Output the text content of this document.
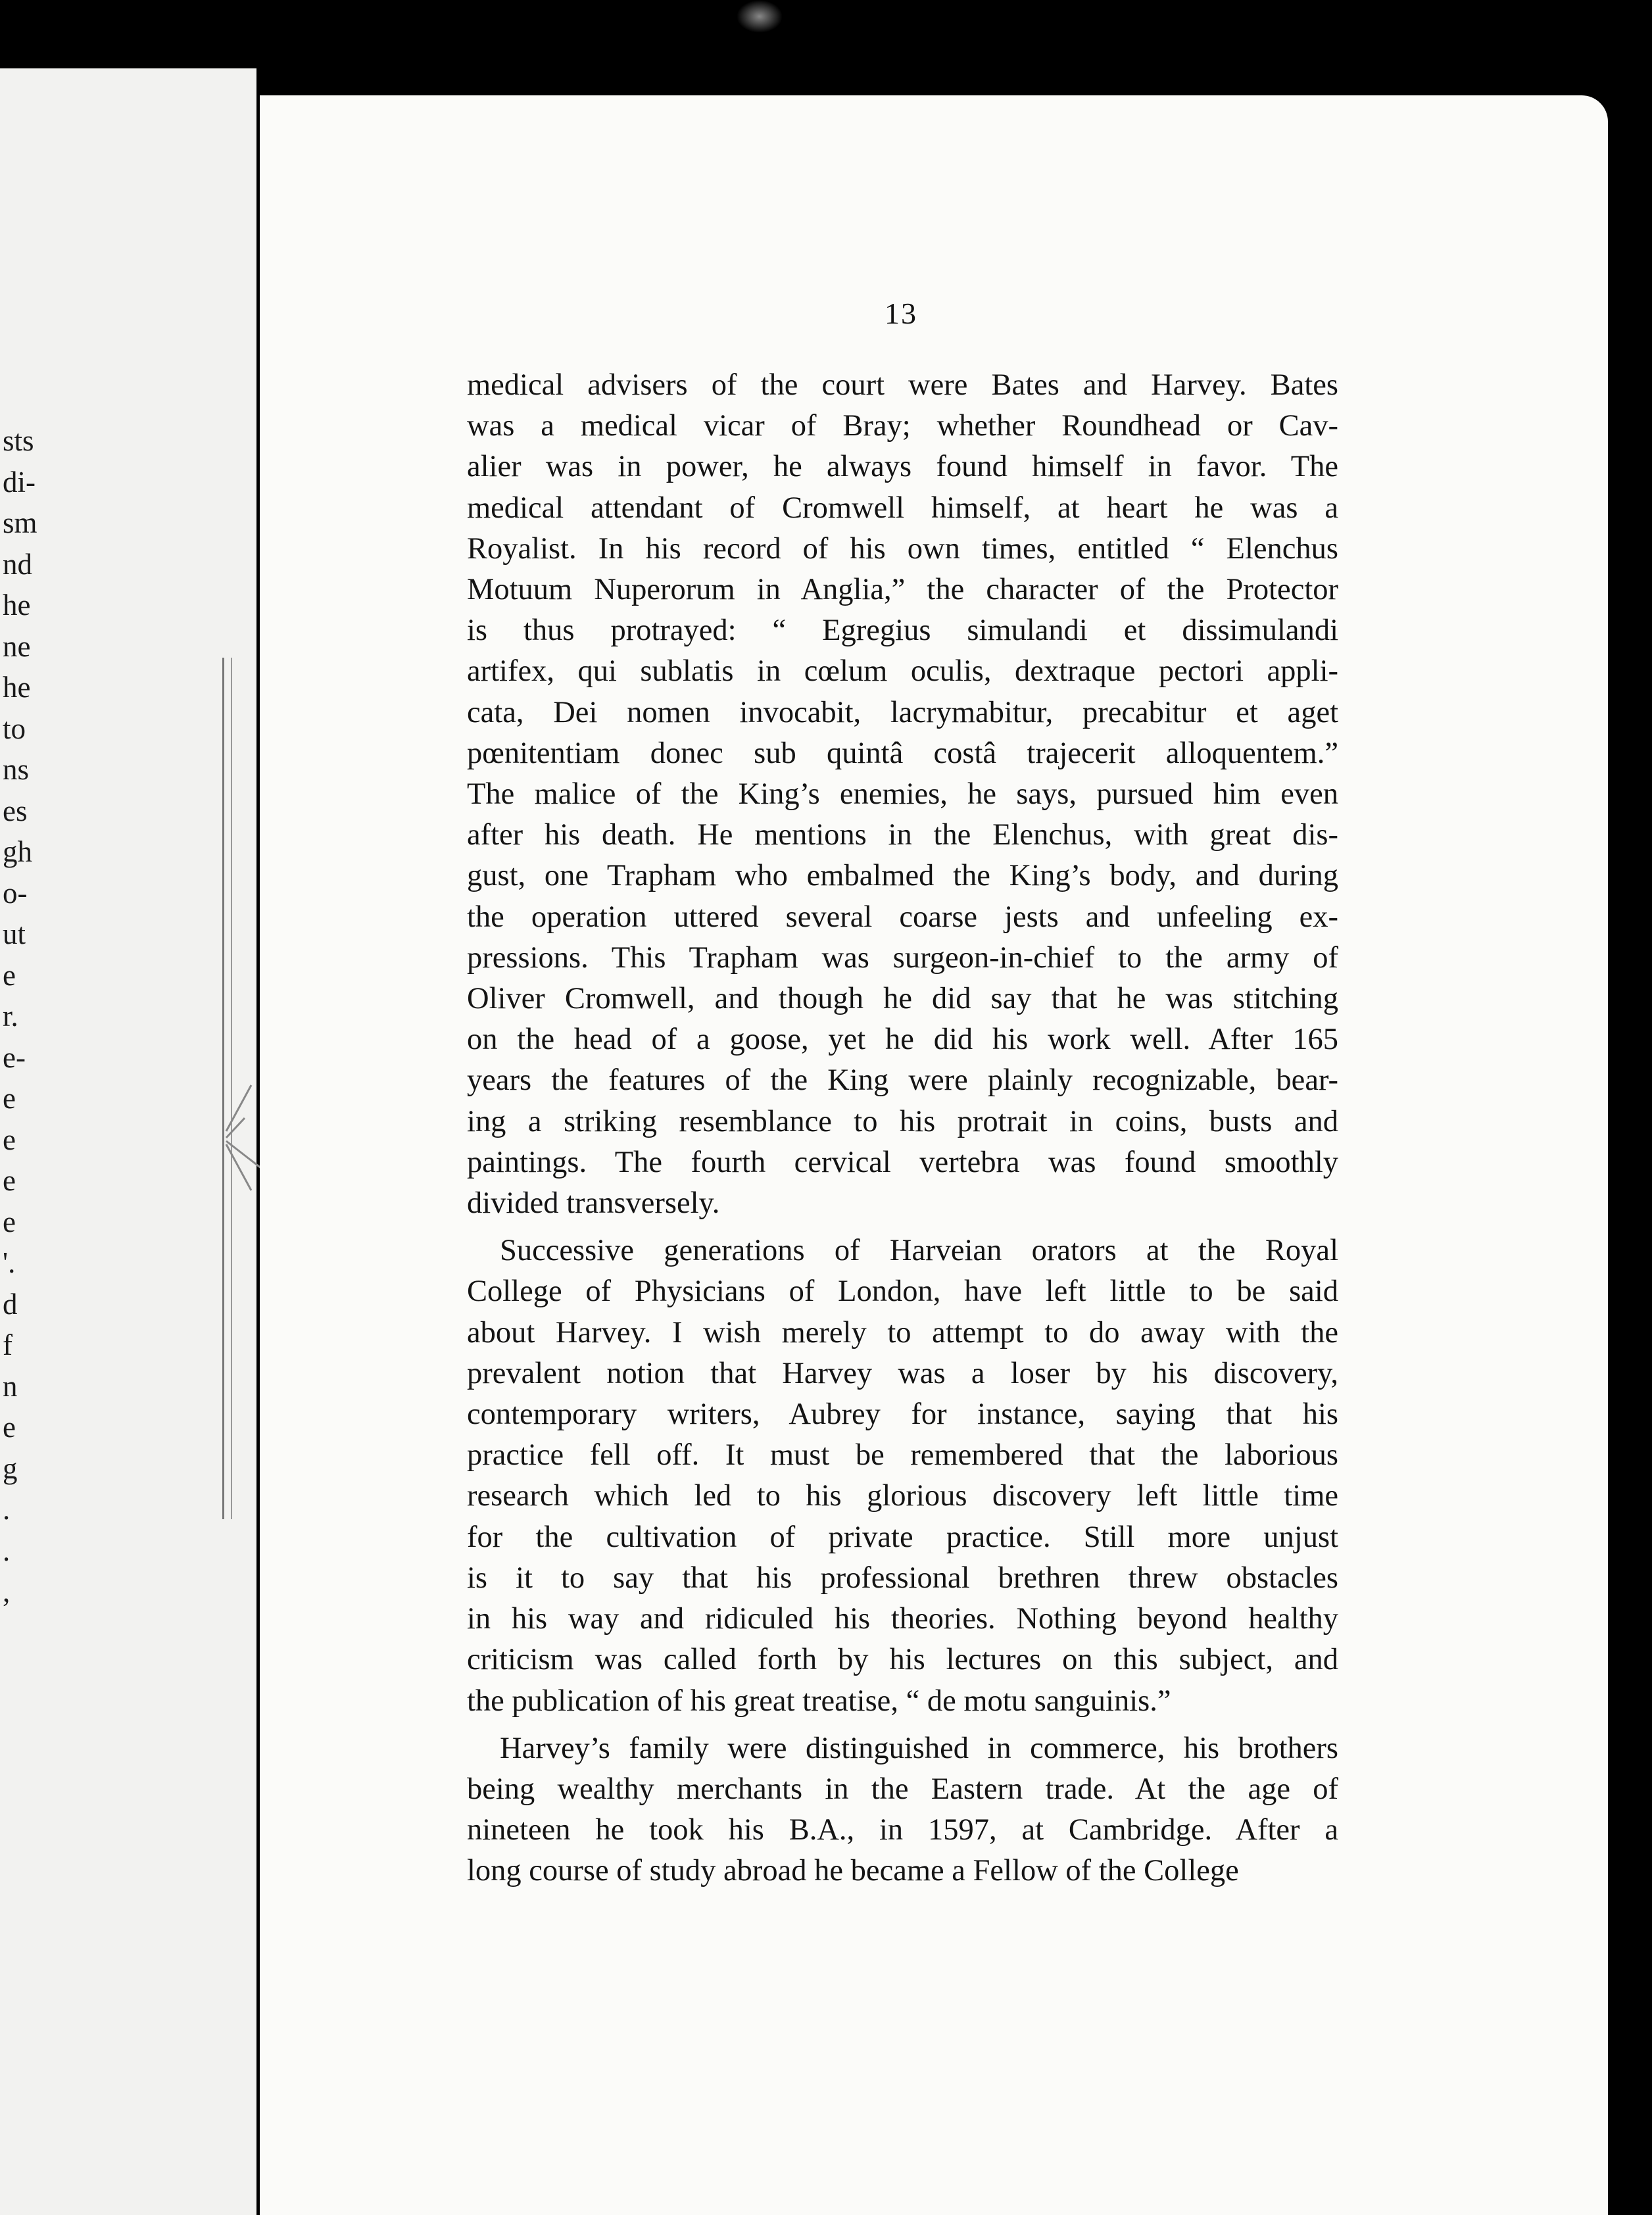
sts
di-
sm
nd
he
ne
he
to
ns
es
gh
o-
ut
e
r.
e-
e
e
e
e
'.
d
f
n
e
g
.
.
,
13
medical advisers of the court were Bates and Harvey. Bates
was a medical vicar of Bray; whether Roundhead or Cav-
alier was in power, he always found himself in favor. The
medical attendant of Cromwell himself, at heart he was a
Royalist. In his record of his own times, entitled “ Elenchus
Motuum Nuperorum in Anglia,” the character of the Protector
is thus protrayed: “ Egregius simulandi et dissimulandi
artifex, qui sublatis in cœlum oculis, dextraque pectori appli-
cata, Dei nomen invocabit, lacrymabitur, precabitur et aget
pœnitentiam donec sub quintâ costâ trajecerit alloquentem.”
The malice of the King’s enemies, he says, pursued him even
after his death. He mentions in the Elenchus, with great dis-
gust, one Trapham who embalmed the King’s body, and during
the operation uttered several coarse jests and unfeeling ex-
pressions. This Trapham was surgeon-in-chief to the army of
Oliver Cromwell, and though he did say that he was stitching
on the head of a goose, yet he did his work well. After 165
years the features of the King were plainly recognizable, bear-
ing a striking resemblance to his protrait in coins, busts and
paintings. The fourth cervical vertebra was found smoothly
divided transversely.
Successive generations of Harveian orators at the Royal
College of Physicians of London, have left little to be said
about Harvey. I wish merely to attempt to do away with the
prevalent notion that Harvey was a loser by his discovery,
contemporary writers, Aubrey for instance, saying that his
practice fell off. It must be remembered that the laborious
research which led to his glorious discovery left little time
for the cultivation of private practice. Still more unjust
is it to say that his professional brethren threw obstacles
in his way and ridiculed his theories. Nothing beyond healthy
criticism was called forth by his lectures on this subject, and
the publication of his great treatise, “ de motu sanguinis.”
Harvey’s family were distinguished in commerce, his brothers
being wealthy merchants in the Eastern trade. At the age of
nineteen he took his B.A., in 1597, at Cambridge. After a
long course of study abroad he became a Fellow of the College
